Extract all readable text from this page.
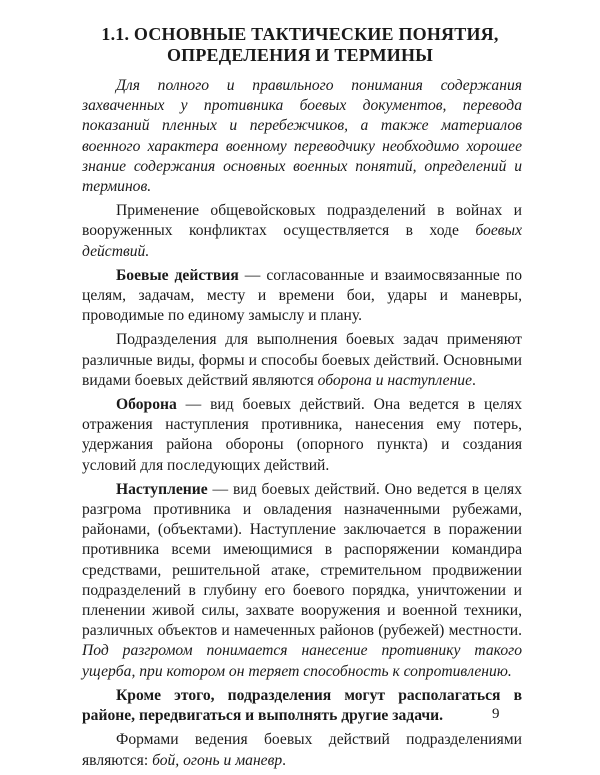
1.1. ОСНОВНЫЕ ТАКТИЧЕСКИЕ ПОНЯТИЯ,
ОПРЕДЕЛЕНИЯ И ТЕРМИНЫ

Для полного и правильного понимания содержания захваченных у противника боевых документов, перевода показаний пленных и перебежчиков, а также материалов военного характера военному переводчику необходимо хорошее знание содержания основных военных понятий, определений и терминов.

Применение общевойсковых подразделений в войнах и вооруженных конфликтах осуществляется в ходе боевых действий.

Боевые действия — согласованные и взаимосвязанные по целям, задачам, месту и времени бои, удары и маневры, проводимые по единому замыслу и плану.

Подразделения для выполнения боевых задач применяют различные виды, формы и способы боевых действий. Основными видами боевых действий являются оборона и наступление.

Оборона — вид боевых действий. Она ведется в целях отражения наступления противника, нанесения ему потерь, удержания района обороны (опорного пункта) и создания условий для последующих действий.

Наступление — вид боевых действий. Оно ведется в целях разгрома противника и овладения назначенными рубежами, районами, (объектами). Наступление заключается в поражении противника всеми имеющимися в распоряжении командира средствами, решительной атаке, стремительном продвижении подразделений в глубину его боевого порядка, уничтожении и пленении живой силы, захвате вооружения и военной техники, различных объектов и намеченных районов (рубежей) местности. Под разгромом понимается нанесение противнику такого ущерба, при котором он теряет способность к сопротивлению.

Кроме этого, подразделения могут располагаться в районе, передвигаться и выполнять другие задачи.

Формами ведения боевых действий подразделениями являются: бой, огонь и маневр.

9
